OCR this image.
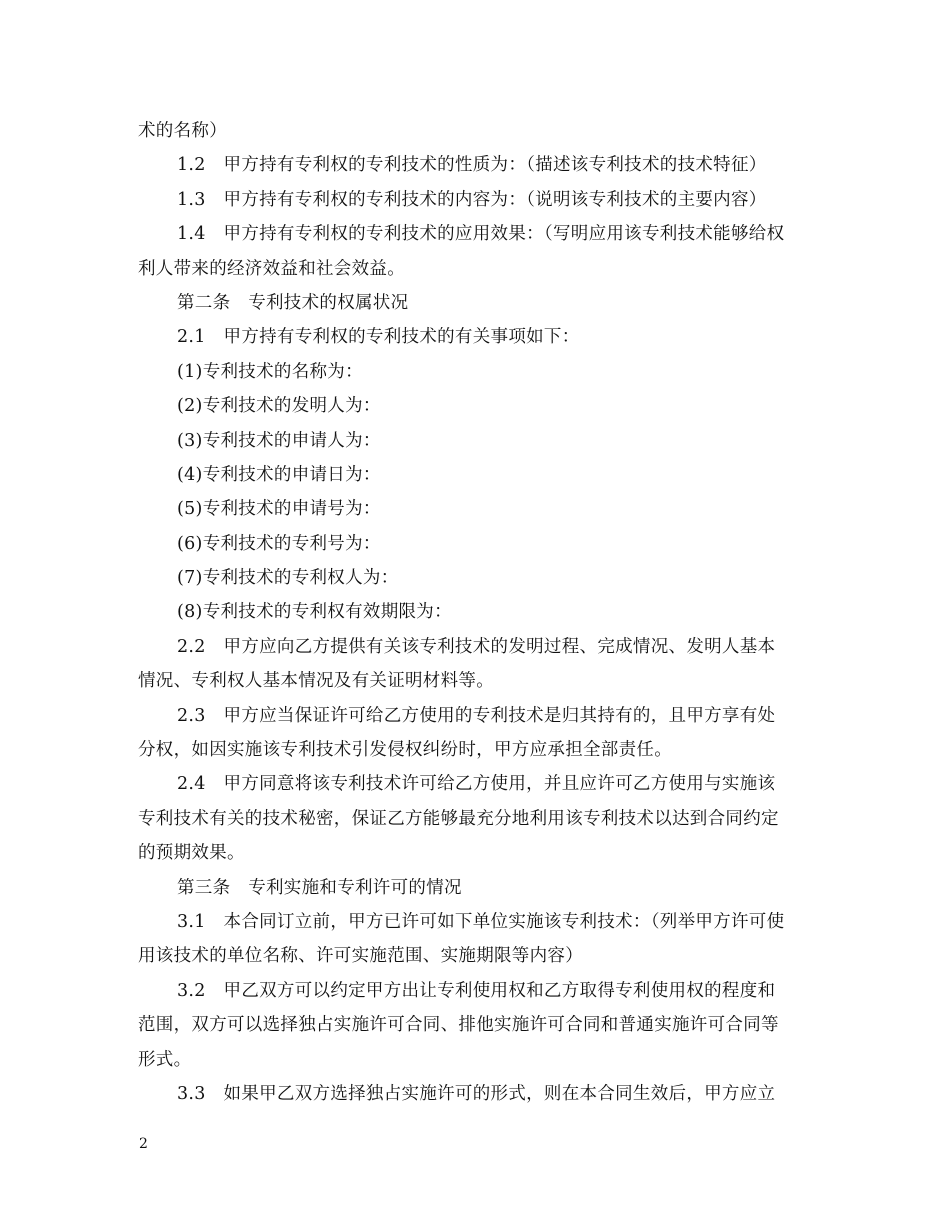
术的名称）
1.2　甲方持有专利权的专利技术的性质为：（描述该专利技术的技术特征）
1.3　甲方持有专利权的专利技术的内容为：（说明该专利技术的主要内容）
1.4　甲方持有专利权的专利技术的应用效果：（写明应用该专利技术能够给权
利人带来的经济效益和社会效益。
第二条　专利技术的权属状况
2.1　甲方持有专利权的专利技术的有关事项如下：
(1)专利技术的名称为：
(2)专利技术的发明人为：
(3)专利技术的申请人为：
(4)专利技术的申请日为：
(5)专利技术的申请号为：
(6)专利技术的专利号为：
(7)专利技术的专利权人为：
(8)专利技术的专利权有效期限为：
2.2　甲方应向乙方提供有关该专利技术的发明过程、完成情况、发明人基本
情况、专利权人基本情况及有关证明材料等。
2.3　甲方应当保证许可给乙方使用的专利技术是归其持有的，且甲方享有处
分权，如因实施该专利技术引发侵权纠纷时，甲方应承担全部责任。
2.4　甲方同意将该专利技术许可给乙方使用，并且应许可乙方使用与实施该
专利技术有关的技术秘密，保证乙方能够最充分地利用该专利技术以达到合同约定
的预期效果。
第三条　专利实施和专利许可的情况
3.1　本合同订立前，甲方已许可如下单位实施该专利技术：（列举甲方许可使
用该技术的单位名称、许可实施范围、实施期限等内容）
3.2　甲乙双方可以约定甲方出让专利使用权和乙方取得专利使用权的程度和
范围，双方可以选择独占实施许可合同、排他实施许可合同和普通实施许可合同等
形式。
3.3　如果甲乙双方选择独占实施许可的形式，则在本合同生效后，甲方应立
2
